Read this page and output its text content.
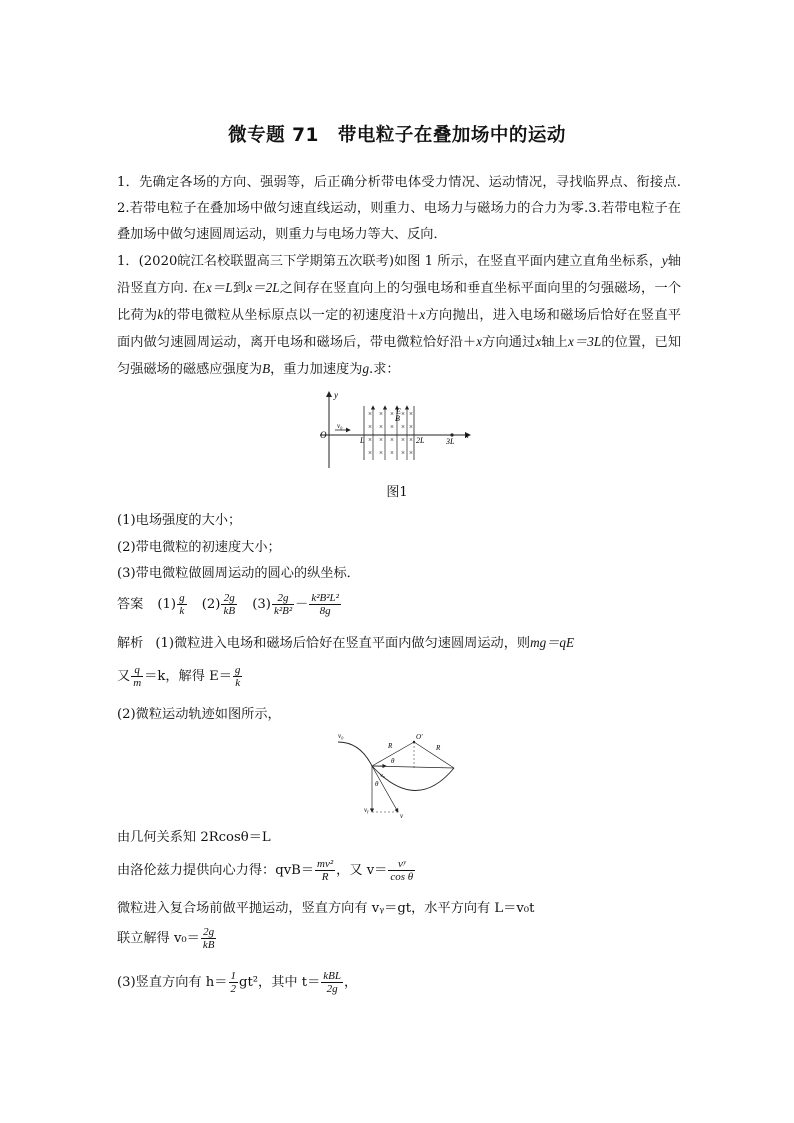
微专题 71　带电粒子在叠加场中的运动
1．先确定各场的方向、强弱等，后正确分析带电体受力情况、运动情况，寻找临界点、衔接点.2.若带电粒子在叠加场中做匀速直线运动，则重力、电场力与磁场力的合力为零.3.若带电粒子在叠加场中做匀速圆周运动，则重力与电场力等大、反向．
1．(2020皖江名校联盟高三下学期第五次联考)如图 1 所示，在竖直平面内建立直角坐标系，y轴沿竖直方向. 在x＝L到x＝2L之间存在竖直向上的匀强电场和垂直坐标平面向里的匀强磁场，一个比荷为k的带电微粒从坐标原点以一定的初速度沿＋x方向抛出，进入电场和磁场后恰好在竖直平面内做匀速圆周运动，离开电场和磁场后，带电微粒恰好沿＋x方向通过x轴上x＝3L的位置，已知匀强磁场的磁感应强度为B，重力加速度为g.求：
y
O
v₀
×
×
×
×
×
×
×
×
×
×
×
×
×
×
×
×
×
×
×
×
E
B
L	2L	3L
x
图1
(1)电场强度的大小；
(2)带电微粒的初速度大小；
(3)带电微粒做圆周运动的圆心的纵坐标．
答案 $(1) \frac{g}{k} (2) \frac{2g}{kB} (3) \frac{2g}{\text{k²B²}} - \frac{\text{k²B²L²}}{8g}$
解析 (1)微粒进入电场和磁场后恰好在竖直平面内做匀速圆周运动，则mg＝qE
又 $\frac{q}{m} =k$，解得 $E= \frac{g}{k}$
(2)微粒运动轨迹如图所示，
v₀
R
O'
R
θ
v₀
θ
vᵧ
v
由几何关系知 2Rcosθ＝L
由洛伦兹力提供向心力得：$qvB= \frac{\text{mv²}}{R}$ ，又 $v= \frac{\text{vʸ}}{\text{cos θ}}$
微粒进入复合场前做平抛运动，竖直方向有 vᵧ＝gt，水平方向有 L＝v₀t
联立解得 $v_0= \frac{2g}{kB}$
(3)竖直方向有 $h= \frac{1}{2} gt^2$，其中 $t= \frac{\text{kBL}}{2g}$ ，
